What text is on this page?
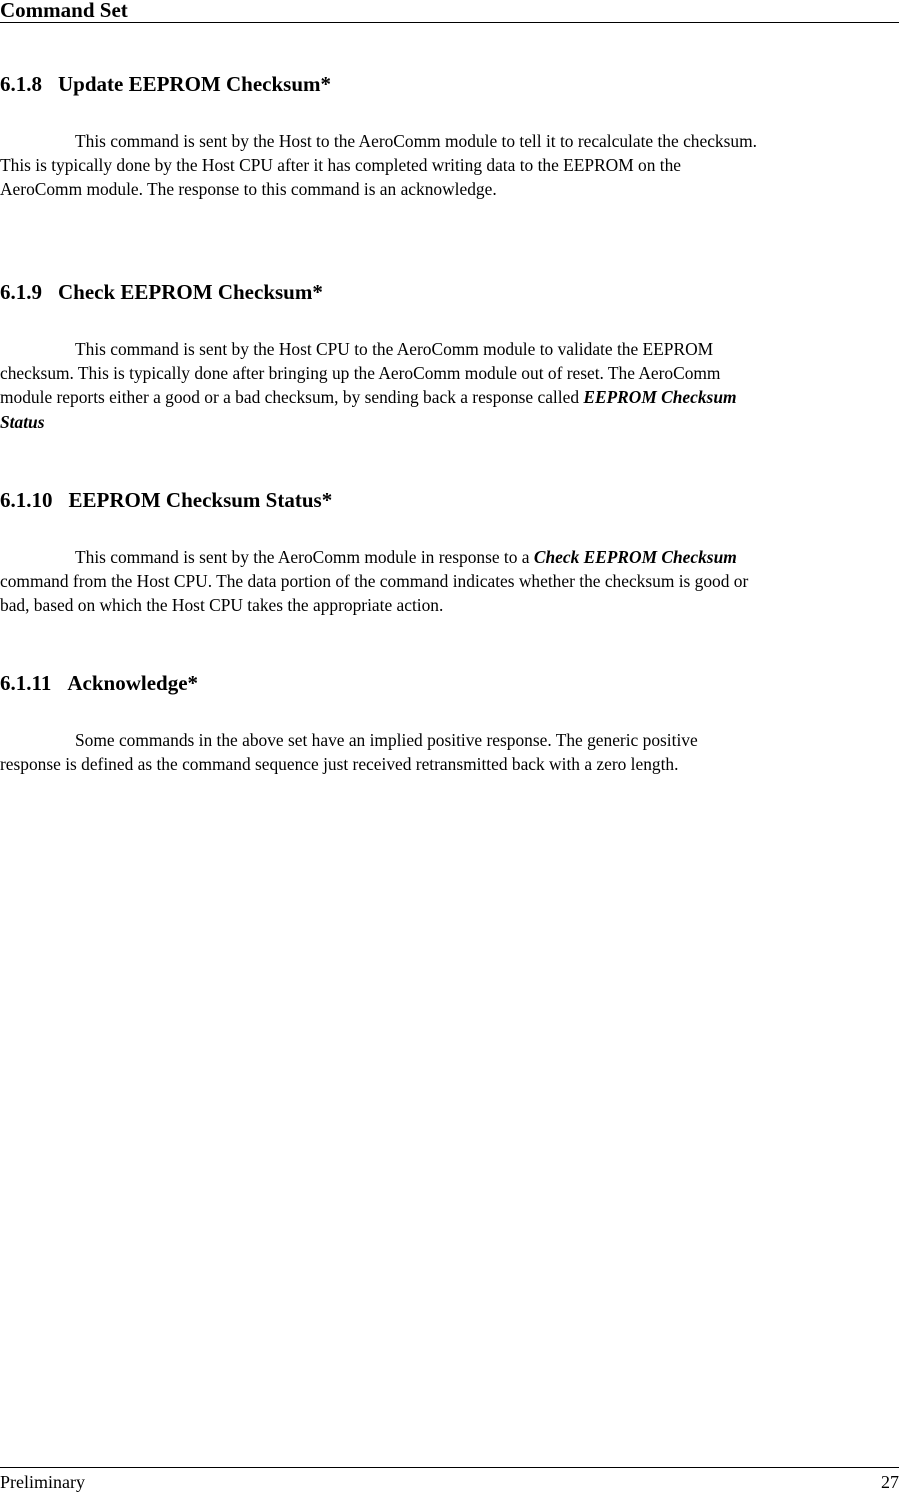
Command Set
6.1.8 Update EEPROM Checksum*

This command is sent by the Host to the AeroComm module to tell it to recalculate the checksum.
This is typically done by the Host CPU after it has completed writing data to the EEPROM on the
AeroComm module. The response to this command is an acknowledge.

6.1.9 Check EEPROM Checksum*

This command is sent by the Host CPU to the AeroComm module to validate the EEPROM
checksum. This is typically done after bringing up the AeroComm module out of reset. The AeroComm
module reports either a good or a bad checksum, by sending back a response called EEPROM Checksum
Status

6.1.10 EEPROM Checksum Status*

This command is sent by the AeroComm module in response to a Check EEPROM Checksum
command from the Host CPU. The data portion of the command indicates whether the checksum is good or
bad, based on which the Host CPU takes the appropriate action.

6.1.11 Acknowledge*

Some commands in the above set have an implied positive response. The generic positive
response is defined as the command sequence just received retransmitted back with a zero length.

Preliminary	27
